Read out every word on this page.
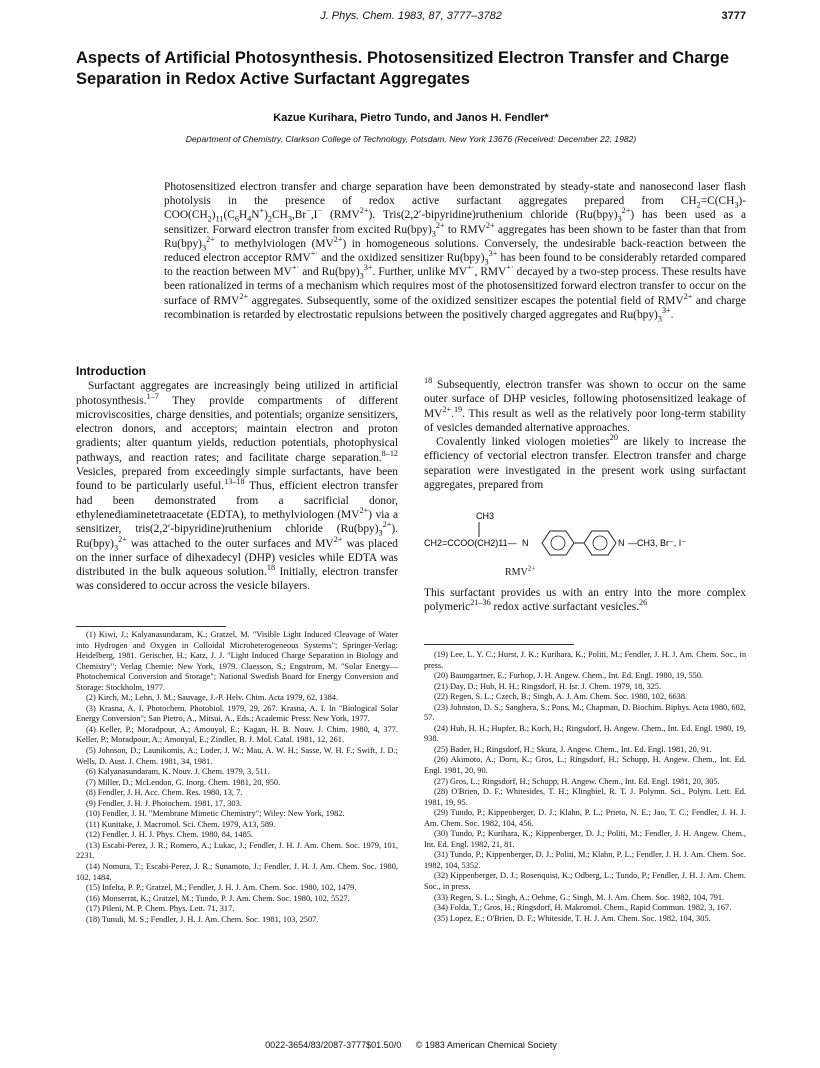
J. Phys. Chem. 1983, 87, 3777–3782	3777
Aspects of Artificial Photosynthesis. Photosensitized Electron Transfer and Charge Separation in Redox Active Surfactant Aggregates
Kazue Kurihara, Pietro Tundo, and Janos H. Fendler*
Department of Chemistry, Clarkson College of Technology, Potsdam, New York 13676 (Received: December 22, 1982)

Photosensitized electron transfer and charge separation have been demonstrated by steady-state and nanosecond laser flash photolysis in the presence of redox active surfactant aggregates prepared from $CH_2=C(CH_3)-COO(CH_2)_{11}(C_6H_4N^+)_2CH_3,Br^-,I^-$ $(RMV^{2+})$. Tris(2,2′-bipyridine)ruthenium chloride $(Ru(bpy)_3^{2+})$ has been used as a sensitizer. Forward electron transfer from excited $Ru(bpy)_3^{2+}$ to $RMV^{2+}$ aggregates has been shown to be faster than that from $Ru(bpy)_3^{2+}$ to methylviologen $(MV^{2+})$ in homogeneous solutions. Conversely, the undesirable back-reaction between the reduced electron acceptor RMV+· and the oxidized sensitizer $Ru(bpy)_3^{3+}$ has been found to be considerably retarded compared to the reaction between MV+· and $Ru(bpy)_3^{3+}$. Further, unlike MV+·, RMV+· decayed by a two-step process. These results have been rationalized in terms of a mechanism which requires most of the photosensitized forward electron transfer to occur on the surface of $RMV^{2+}$ aggregates. Subsequently, some of the oxidized sensitizer escapes the potential field of $RMV^{2+}$ and charge recombination is retarded by electrostatic repulsions between the positively charged aggregates and $Ru(bpy)_3^{3+}$.

Introduction

Surfactant aggregates are increasingly being utilized in artificial photosynthesis.$^{1-7}$ They provide compartments of different microviscosities, charge densities, and potentials; organize sensitizers, electron donors, and acceptors; maintain electron and proton gradients; alter quantum yields, reduction potentials, photophysical pathways, and reaction rates; and facilitate charge separation.$^{8-12}$ Vesicles, prepared from exceedingly simple surfactants, have been found to be particularly useful.$^{13-18}$ Thus, efficient electron transfer had been demonstrated from a sacrificial donor, ethylenediaminetetraacetate (EDTA), to methylviologen $(MV^{2+})$ via a sensitizer, tris(2,2′-bipyridine)ruthenium chloride $(Ru(bpy)_3^{2+})$. $Ru(bpy)_3^{2+}$ was attached to the outer surfaces and $MV^{2+}$ was placed on the inner surface of dihexadecyl (DHP) vesicles while EDTA was distributed in the bulk aqueous solution.$^{18}$ Initially, electron transfer was considered to occur across the vesicle bilayers.

$^{18}$ Subsequently, electron transfer was shown to occur on the same outer surface of DHP vesicles, following photosensitized leakage of $MV^{2+}.^{19}$. This result as well as the relatively poor long-term stability of vesicles demanded alternative approaches.

Covalently linked viologen moieties$^{20}$ are likely to increase the efficiency of vectorial electron transfer. Electron transfer and charge separation were investigated in the present work using surfactant aggregates, prepared from

CH3
CH2=CCOO(CH2)11— N	N —CH3, Br⁻, I⁻
$RMV^{2+}$

This surfactant provides us with an entry into the more complex polymeric$^{21-36}$ redox active surfactant vesicles.$^{26}$

(1) Kiwi, J.; Kalyanasundaram, K.; Gratzel, M. "Visible Light Induced Cleavage of Water into Hydrogen and Oxygen in Colloidal Microheterogeneous Systems"; Springer-Verlag: Heidelberg, 1981. Gerischer, H.; Katz, J. J. "Light Induced Charge Separation in Biology and Chemistry"; Verlag Chemie: New York, 1979. Claesson, S.; Engstrom, M. "Solar Energy—Photochemical Conversion and Storage"; National Swedish Board for Energy Conversion and Storage: Stockholm, 1977.
(2) Kirch, M.; Lehn, J. M.; Sauvage, J.-P. Helv. Chim. Acta 1979, 62, 1384.
(3) Krasna, A. I. Photochem. Photobiol. 1979, 29, 267. Krasna, A. I. In "Biological Solar Energy Conversion"; San Pietro, A., Mitsui, A., Eds.; Academic Press: New York, 1977.
(4) Keller, P.; Moradpour, A.; Amouyal, E.; Kagan, H. B. Nouv. J. Chim. 1980, 4, 377. Keller, P.; Moradpour, A.; Amouyal, E.; Zindler, B. J. Mol. Catal. 1981, 12, 261.
(5) Johnson, D.; Launikomis, A.; Loder, J. W.; Mau, A. W. H.; Sasse, W. H. F.; Swift, J. D.; Wells, D. Aust. J. Chem. 1981, 34, 1981.
(6) Kalyanasundaram, K. Nouv. J. Chem. 1979, 3, 511.
(7) Miller, D.; McLendon, G. Inorg. Chem. 1981, 20, 950.
(8) Fendler, J. H. Acc. Chem. Res. 1980, 13, 7.
(9) Fendler, J. H. J. Photochem. 1981, 17, 303.
(10) Fendler, J. H. "Membrane Mimetic Chemistry"; Wiley: New York, 1982.
(11) Kunitake, J. Macromol. Sci. Chem. 1979, A13, 589.
(12) Fendler, J. H. J. Phys. Chem. 1980, 84, 1485.
(13) Escabi-Perez, J. R.; Romero, A.; Lukac, J.; Fendler, J. H. J. Am. Chem. Soc. 1979, 101, 2231.
(14) Nomura, T.; Escabi-Perez, J. R.; Sunamoto, J.; Fendler, J. H. J. Am. Chem. Soc. 1980, 102, 1484.
(15) Infelta, P. P.; Gratzel, M.; Fendler, J. H. J. Am. Chem. Soc. 1980, 102, 1479.
(16) Monserrat, K.; Gratzel, M.; Tundo, P. J. Am. Chem. Soc. 1980, 102, 5527.
(17) Pileni, M. P. Chem. Phys. Lett. 71, 317.
(18) Tunuli, M. S.; Fendler, J. H. J. Am. Chem. Soc. 1981, 103, 2507.
(19) Lee, L. Y. C.; Hurst, J. K.; Kurihara, K.; Politi, M.; Fendler, J. H. J. Am. Chem. Soc., in press.
(20) Baumgartner, E.; Furhop, J. H. Angew. Chem., Int. Ed. Engl. 1980, 19, 550.
(21) Day, D.; Hub, H. H.; Ringsdorf, H. Isr. J. Chem. 1979, 18, 325.
(22) Regen, S. L.; Czech, B.; Singh, A. J. Am. Chem. Soc. 1980, 102, 6638.
(23) Johnston, D. S.; Sanghera, S.; Pons, M.; Chapman, D. Biochim. Biphys. Acta 1980, 602, 57.
(24) Hub, H. H.; Hupfer, B.; Koch, H.; Ringsdorf, H. Angew. Chem., Int. Ed. Engl. 1980, 19, 938.
(25) Bader, H.; Ringsdorf, H.; Skura, J. Angew. Chem., Int. Ed. Engl. 1981, 20, 91.
(26) Akimoto, A.; Dorn, K.; Gros, L.; Ringsdorf, H.; Schupp, H. Angew. Chem., Int. Ed. Engl. 1981, 20, 90.
(27) Gros, L.; Ringsdorf, H.; Schupp, H. Angew. Chem., Int. Ed. Engl. 1981, 20, 305.
(28) O'Brien, D. F.; Whitesides, T. H.; Klingbiel, R. T. J. Polymn. Sci., Polym. Lett. Ed. 1981, 19, 95.
(29) Tundo, P.; Kippenberger, D. J.; Klahn, P. L.; Prieto, N. E.; Jao, T. C.; Fendler, J. H. J. Am. Chem. Soc. 1982, 104, 456.
(30) Tundo, P.; Kurihara, K.; Kippenberger, D. J.; Politi, M.; Fendler, J. H. Angew. Chem., Int. Ed. Engl. 1982, 21, 81.
(31) Tundo, P.; Kippenberger, D. J.; Politi, M.; Klahn, P. L.; Fendler, J. H. J. Am. Chem. Soc. 1982, 104, 5352.
(32) Kippenberger, D. J.; Rosenquist, K.; Odberg, L.; Tundo, P.; Fendler, J. H. J. Am. Chem. Soc., in press.
(33) Regen, S. L.; Singh, A.; Oehme, G.; Singh, M. J. Am. Chem. Soc. 1982, 104, 791.
(34) Folda, T.; Gros, H.; Ringsdorf, H. Makromol. Chem., Rapid Commun. 1982, 3, 167.
(35) Lopez, E.; O'Brien, D. F.; Whiteside, T. H. J. Am. Chem. Soc. 1982, 104, 305.
0022-3654/83/2087-3777$01.50/0 © 1983 American Chemical Society
